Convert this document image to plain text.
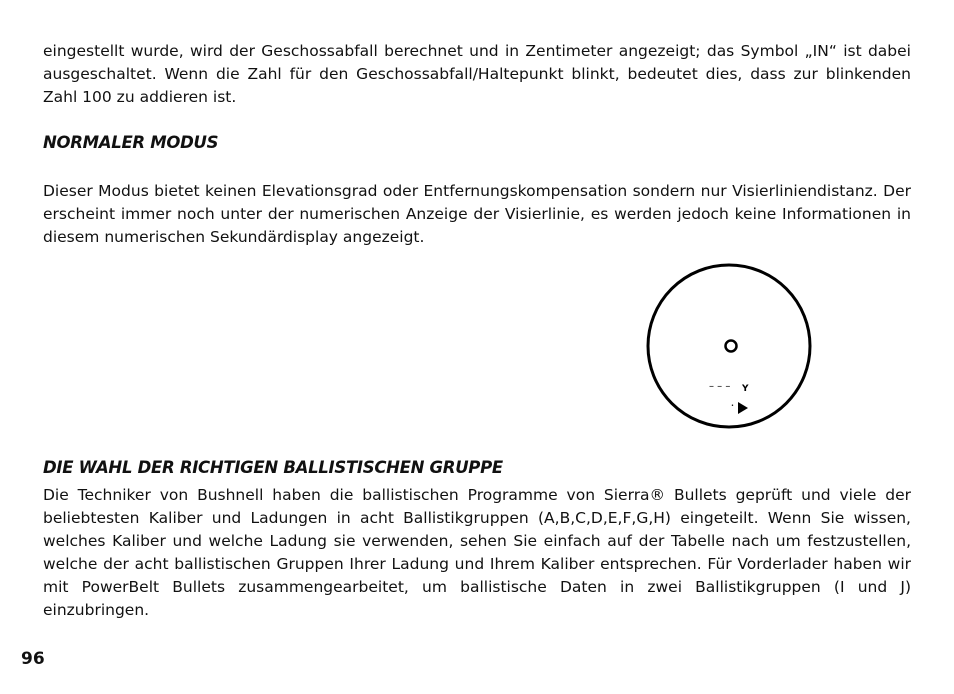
eingestellt wurde, wird der Geschossabfall berechnet und in Zentimeter angezeigt; das Symbol „IN“ ist dabei ausgeschaltet. Wenn die Zahl für den Geschossabfall/Haltepunkt blinkt, bedeutet dies, dass zur blinkenden Zahl 100 zu addieren ist.
NORMALER MODUS
Dieser Modus bietet keinen Elevationsgrad oder Entfernungskompensation sondern nur Visierliniendistanz. Der erscheint immer noch unter der numerischen Anzeige der Visierlinie, es werden jedoch keine Informationen in diesem numerischen Sekundärdisplay angezeigt.
– – – Y
•
DIE WAHL DER RICHTIGEN BALLISTISCHEN GRUPPE
Die Techniker von Bushnell haben die ballistischen Programme von Sierra® Bullets geprüft und viele der beliebtesten Kaliber und Ladungen in acht Ballistikgruppen (A,B,C,D,E,F,G,H) eingeteilt. Wenn Sie wissen, welches Kaliber und welche Ladung sie verwenden, sehen Sie einfach auf der Tabelle nach um festzustellen, welche der acht ballistischen Gruppen Ihrer Ladung und Ihrem Kaliber entsprechen. Für Vorderlader haben wir mit PowerBelt Bullets zusammengearbeitet, um ballistische Daten in zwei Ballistikgruppen (I und J) einzubringen.
96
